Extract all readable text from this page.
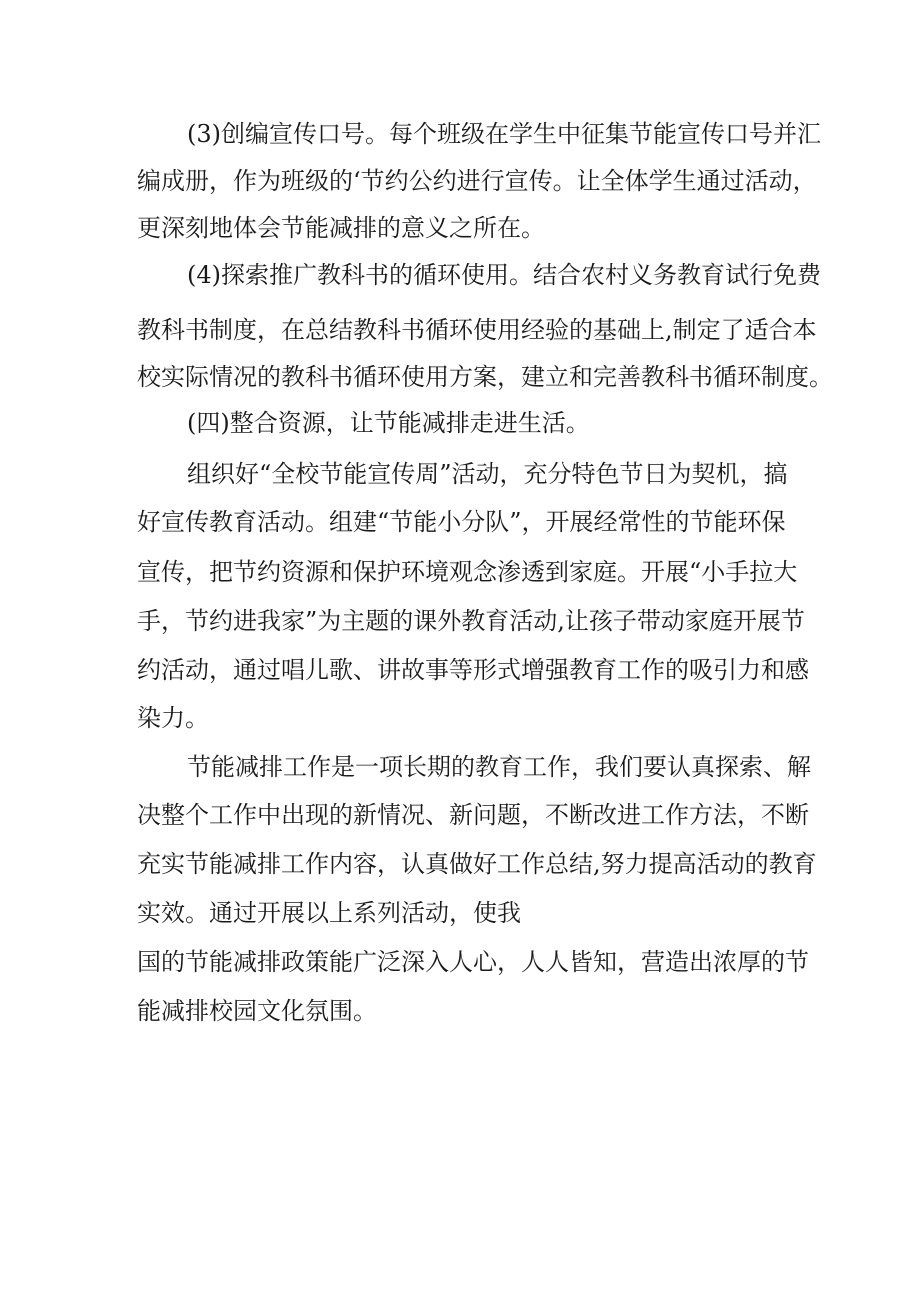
(3)创编宣传口号。每个班级在学生中征集节能宣传口号并汇
编成册，作为班级的‘节约公约进行宣传。让全体学生通过活动，
更深刻地体会节能减排的意义之所在。
(4)探索推广教科书的循环使用。结合农村义务教育试行免费
教科书制度，在总结教科书循环使用经验的基础上,制定了适合本
校实际情况的教科书循环使用方案，建立和完善教科书循环制度。
(四)整合资源，让节能减排走进生活。
组织好“全校节能宣传周”活动，充分特色节日为契机，搞
好宣传教育活动。组建“节能小分队”，开展经常性的节能环保
宣传，把节约资源和保护环境观念渗透到家庭。开展“小手拉大
手，节约进我家”为主题的课外教育活动,让孩子带动家庭开展节
约活动，通过唱儿歌、讲故事等形式增强教育工作的吸引力和感
染力。
节能减排工作是一项长期的教育工作，我们要认真探索、解
决整个工作中出现的新情况、新问题，不断改进工作方法，不断
充实节能减排工作内容，认真做好工作总结,努力提高活动的教育
实效。通过开展以上系列活动，使我
国的节能减排政策能广泛深入人心，人人皆知，营造出浓厚的节
能减排校园文化氛围。
